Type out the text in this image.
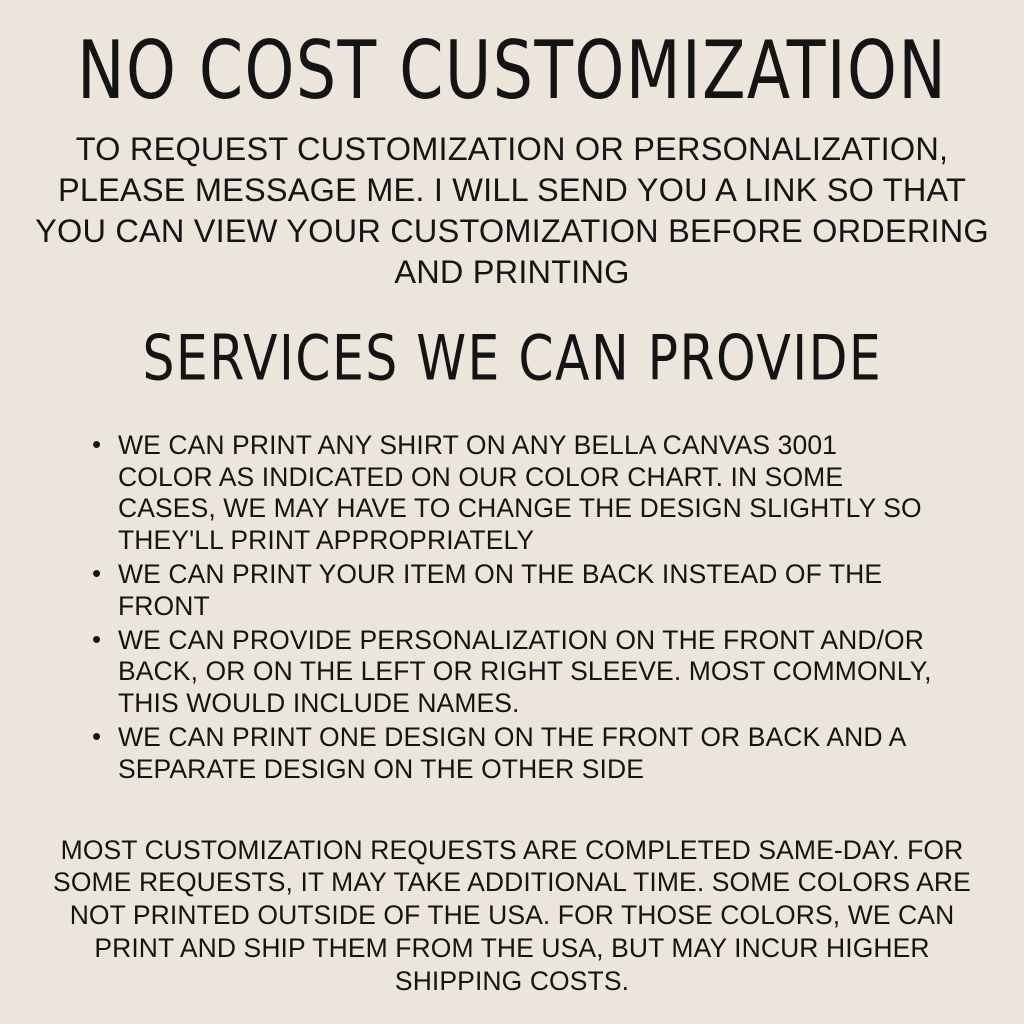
NO COST CUSTOMIZATION

TO REQUEST CUSTOMIZATION OR PERSONALIZATION, PLEASE MESSAGE ME. I WILL SEND YOU A LINK SO THAT YOU CAN VIEW YOUR CUSTOMIZATION BEFORE ORDERING AND PRINTING

SERVICES WE CAN PROVIDE
• WE CAN PRINT ANY SHIRT ON ANY BELLA CANVAS 3001 COLOR AS INDICATED ON OUR COLOR CHART. IN SOME CASES, WE MAY HAVE TO CHANGE THE DESIGN SLIGHTLY SO THEY'LL PRINT APPROPRIATELY
• WE CAN PRINT YOUR ITEM ON THE BACK INSTEAD OF THE FRONT
• WE CAN PROVIDE PERSONALIZATION ON THE FRONT AND/OR BACK, OR ON THE LEFT OR RIGHT SLEEVE. MOST COMMONLY, THIS WOULD INCLUDE NAMES.
• WE CAN PRINT ONE DESIGN ON THE FRONT OR BACK AND A SEPARATE DESIGN ON THE OTHER SIDE

MOST CUSTOMIZATION REQUESTS ARE COMPLETED SAME-DAY. FOR SOME REQUESTS, IT MAY TAKE ADDITIONAL TIME. SOME COLORS ARE NOT PRINTED OUTSIDE OF THE USA. FOR THOSE COLORS, WE CAN PRINT AND SHIP THEM FROM THE USA, BUT MAY INCUR HIGHER SHIPPING COSTS.
